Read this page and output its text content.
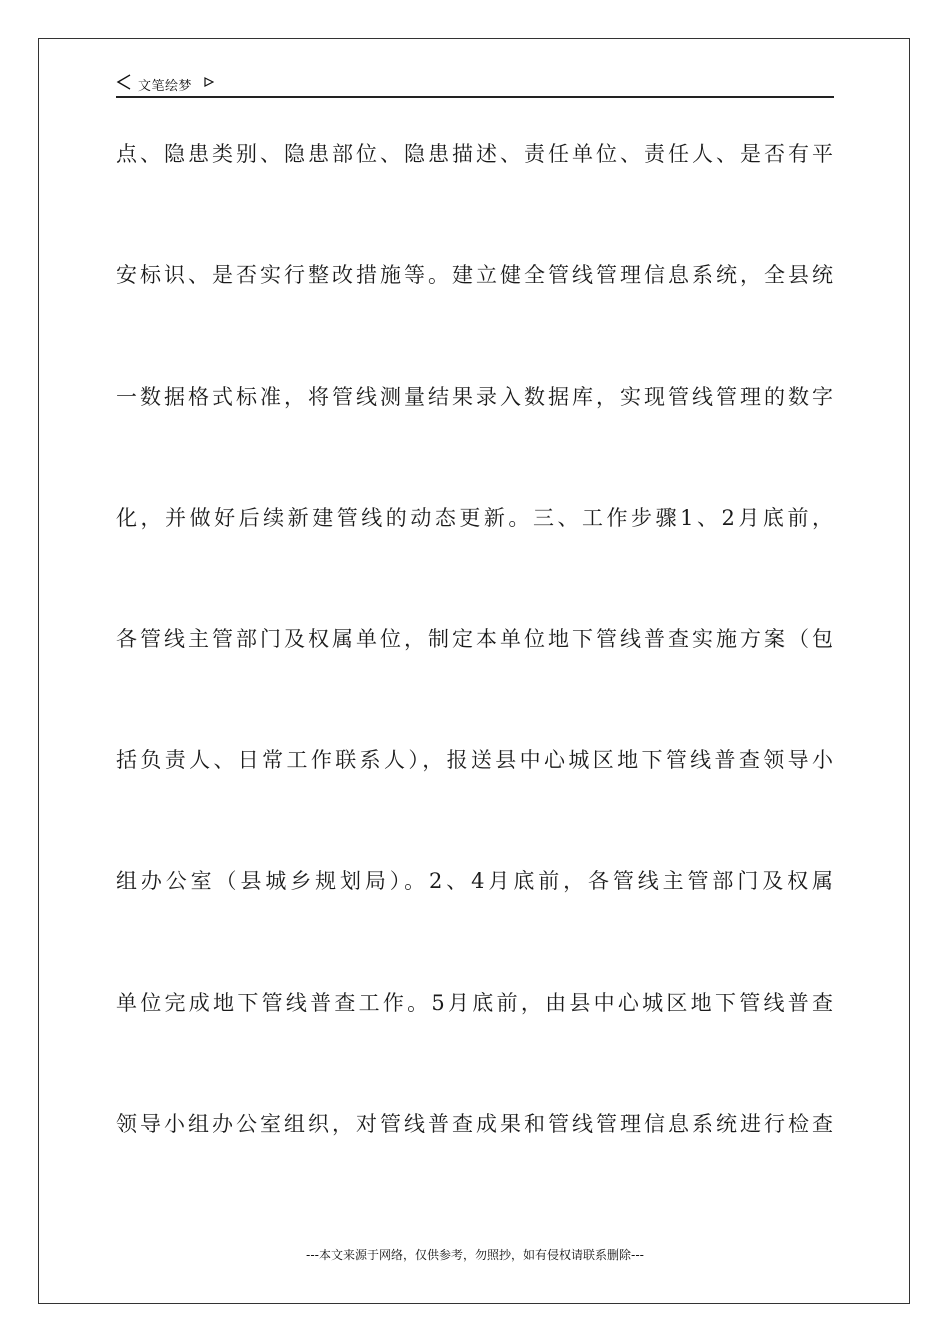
文笔绘梦
点、隐患类别、隐患部位、隐患描述、责任单位、责任人、是否有平
安标识、是否实行整改措施等。建立健全管线管理信息系统，全县统
一数据格式标准，将管线测量结果录入数据库，实现管线管理的数字
化，并做好后续新建管线的动态更新。三、工作步骤1、2月底前，
各管线主管部门及权属单位，制定本单位地下管线普查实施方案（包
括负责人、日常工作联系人），报送县中心城区地下管线普查领导小
组办公室（县城乡规划局）。2、4月底前，各管线主管部门及权属
单位完成地下管线普查工作。5月底前，由县中心城区地下管线普查
领导小组办公室组织，对管线普查成果和管线管理信息系统进行检查
---本文来源于网络，仅供参考，勿照抄，如有侵权请联系删除---
